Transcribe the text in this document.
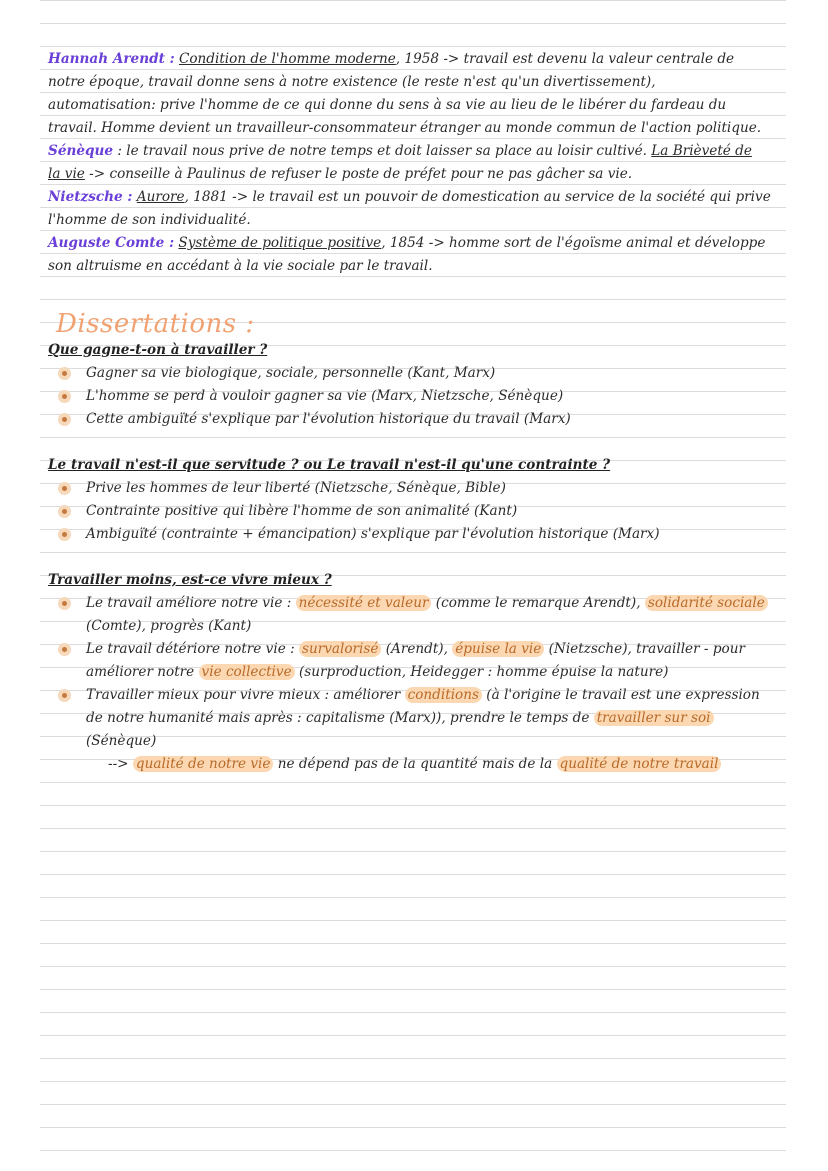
Hannah Arendt : Condition de l'homme moderne, 1958 -> travail est devenu la valeur centrale de
notre époque, travail donne sens à notre existence (le reste n'est qu'un divertissement),
automatisation: prive l'homme de ce qui donne du sens à sa vie au lieu de le libérer du fardeau du
travail. Homme devient un travailleur-consommateur étranger au monde commun de l'action politique.

Sénèque : le travail nous prive de notre temps et doit laisser sa place au loisir cultivé. La Brièveté de
la vie -> conseille à Paulinus de refuser le poste de préfet pour ne pas gâcher sa vie.

Nietzsche : Aurore, 1881 -> le travail est un pouvoir de domestication au service de la société qui prive
l'homme de son individualité.

Auguste Comte : Système de politique positive, 1854 -> homme sort de l'égoïsme animal et développe
son altruisme en accédant à la vie sociale par le travail.

Dissertations :

Que gagne-t-on à travailler ?

Gagner sa vie biologique, sociale, personnelle (Kant, Marx)
L'homme se perd à vouloir gagner sa vie (Marx, Nietzsche, Sénèque)
Cette ambiguïté s'explique par l'évolution historique du travail (Marx)

Le travail n'est-il que servitude ? ou Le travail n'est-il qu'une contrainte ?

Prive les hommes de leur liberté (Nietzsche, Sénèque, Bible)
Contrainte positive qui libère l'homme de son animalité (Kant)
Ambiguïté (contrainte + émancipation) s'explique par l'évolution historique (Marx)

Travailler moins, est-ce vivre mieux ?

Le travail améliore notre vie : nécessité et valeur (comme le remarque Arendt), solidarité sociale
(Comte), progrès (Kant)
Le travail détériore notre vie : survalorisé (Arendt), épuise la vie (Nietzsche), travailler - pour
améliorer notre vie collective (surproduction, Heidegger : homme épuise la nature)
Travailler mieux pour vivre mieux : améliorer conditions (à l'origine le travail est une expression
de notre humanité mais après : capitalisme (Marx)), prendre le temps de travailler sur soi
(Sénèque)

--> qualité de notre vie ne dépend pas de la quantité mais de la qualité de notre travail
